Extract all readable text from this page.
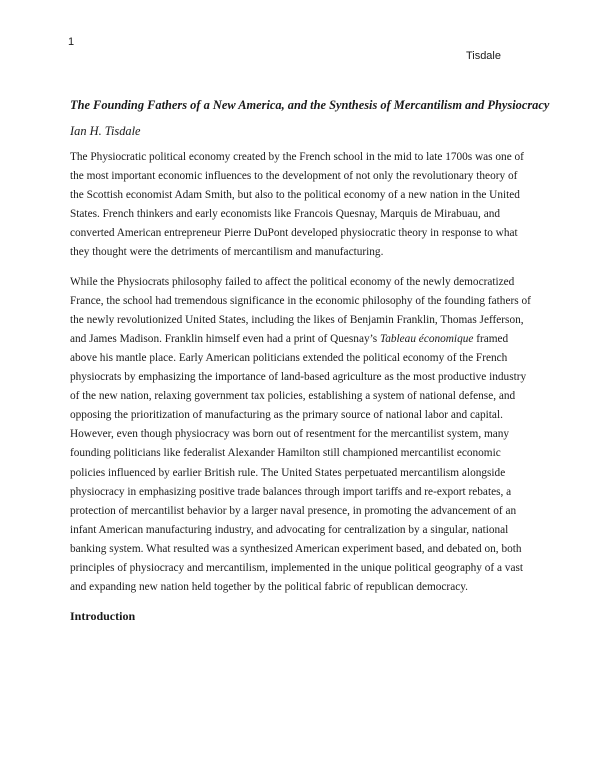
1
Tisdale
The Founding Fathers of a New America, and the Synthesis of Mercantilism and Physiocracy
Ian H. Tisdale

The Physiocratic political economy created by the French school in the mid to late 1700s was one of the most important economic influences to the development of not only the revolutionary theory of the Scottish economist Adam Smith, but also to the political economy of a new nation in the United States. French thinkers and early economists like Francois Quesnay, Marquis de Mirabuau, and converted American entrepreneur Pierre DuPont developed physiocratic theory in response to what they thought were the detriments of mercantilism and manufacturing.

While the Physiocrats philosophy failed to affect the political economy of the newly democratized France, the school had tremendous significance in the economic philosophy of the founding fathers of the newly revolutionized United States, including the likes of Benjamin Franklin, Thomas Jefferson, and James Madison. Franklin himself even had a print of Quesnay’s Tableau économique framed above his mantle place. Early American politicians extended the political economy of the French physiocrats by emphasizing the importance of land-based agriculture as the most productive industry of the new nation, relaxing government tax policies, establishing a system of national defense, and opposing the prioritization of manufacturing as the primary source of national labor and capital. However, even though physiocracy was born out of resentment for the mercantilist system, many founding politicians like federalist Alexander Hamilton still championed mercantilist economic policies influenced by earlier British rule. The United States perpetuated mercantilism alongside physiocracy in emphasizing positive trade balances through import tariffs and re-export rebates, a protection of mercantilist behavior by a larger naval presence, in promoting the advancement of an infant American manufacturing industry, and advocating for centralization by a singular, national banking system. What resulted was a synthesized American experiment based, and debated on, both principles of physiocracy and mercantilism, implemented in the unique political geography of a vast and expanding new nation held together by the political fabric of republican democracy.

Introduction
